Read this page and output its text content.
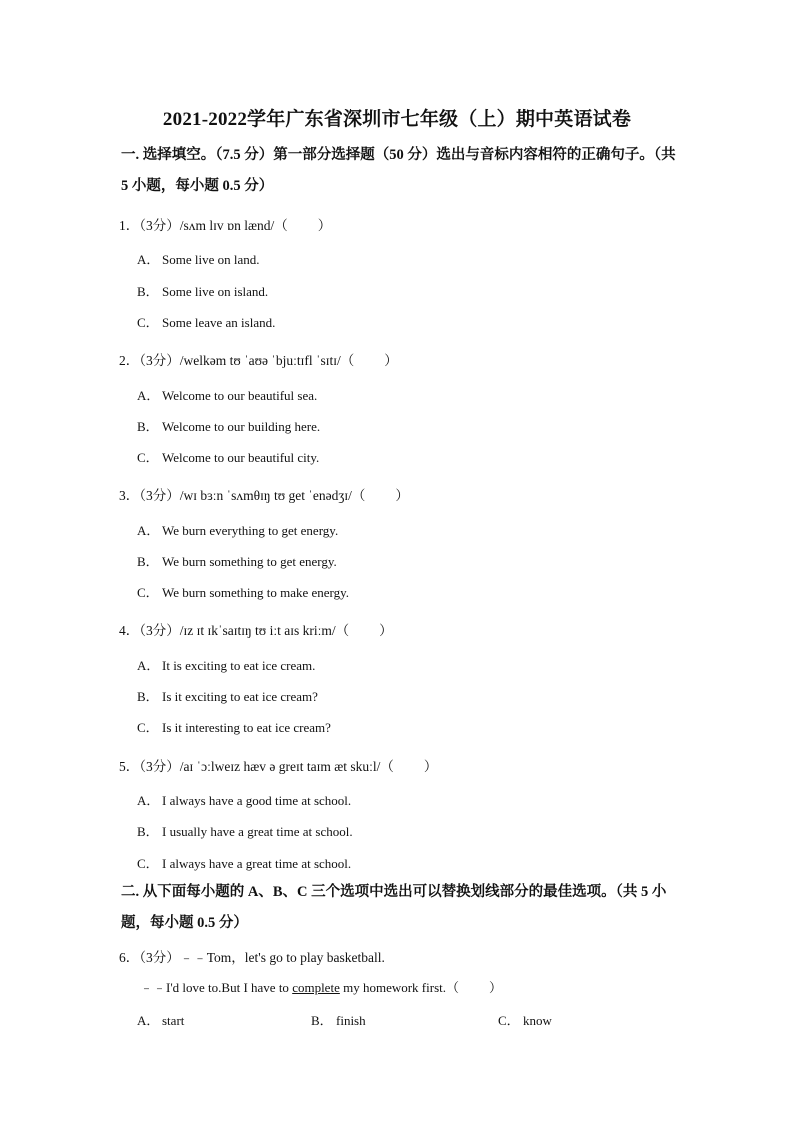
2021-2022学年广东省深圳市七年级（上）期中英语试卷
一. 选择填空。（7.5 分）第一部分选择题（50 分）选出与音标内容相符的正确句子。（共
5 小题，每小题 0.5 分）
1．（3分）/sʌm lɪv ɒn lænd/（ ）
A． Some live on land.
B． Some live on island.
C． Some leave an island.
2．（3分）/welkəm tʊ ˈaʊə ˈbjuːtɪfl ˈsɪtɪ/（ ）
A． Welcome to our beautiful sea.
B． Welcome to our building here.
C． Welcome to our beautiful city.
3．（3分）/wɪ bɜːn ˈsʌmθɪŋ tʊ get ˈenədʒɪ/（ ）
A． We burn everything to get energy.
B． We burn something to get energy.
C． We burn something to make energy.
4．（3分）/ɪz ɪt ɪkˈsaɪtɪŋ tʊ iːt aɪs kriːm/（ ）
A． It is exciting to eat ice cream.
B． Is it exciting to eat ice cream?
C． Is it interesting to eat ice cream?
5．（3分）/aɪ ˈɔːlweɪz hæv ə greɪt taɪm æt skuːl/（ ）
A． I always have a good time at school.
B． I usually have a great time at school.
C． I always have a great time at school.
二. 从下面每小题的 A、B、C 三个选项中选出可以替换划线部分的最佳选项。（共 5 小
题，每小题 0.5 分）
6．（3分）﹣﹣Tom，let's go to play basketball.
﹣﹣I'd love to.But I have to complete my homework first.（ ）
A． start	B． finish	C． know
